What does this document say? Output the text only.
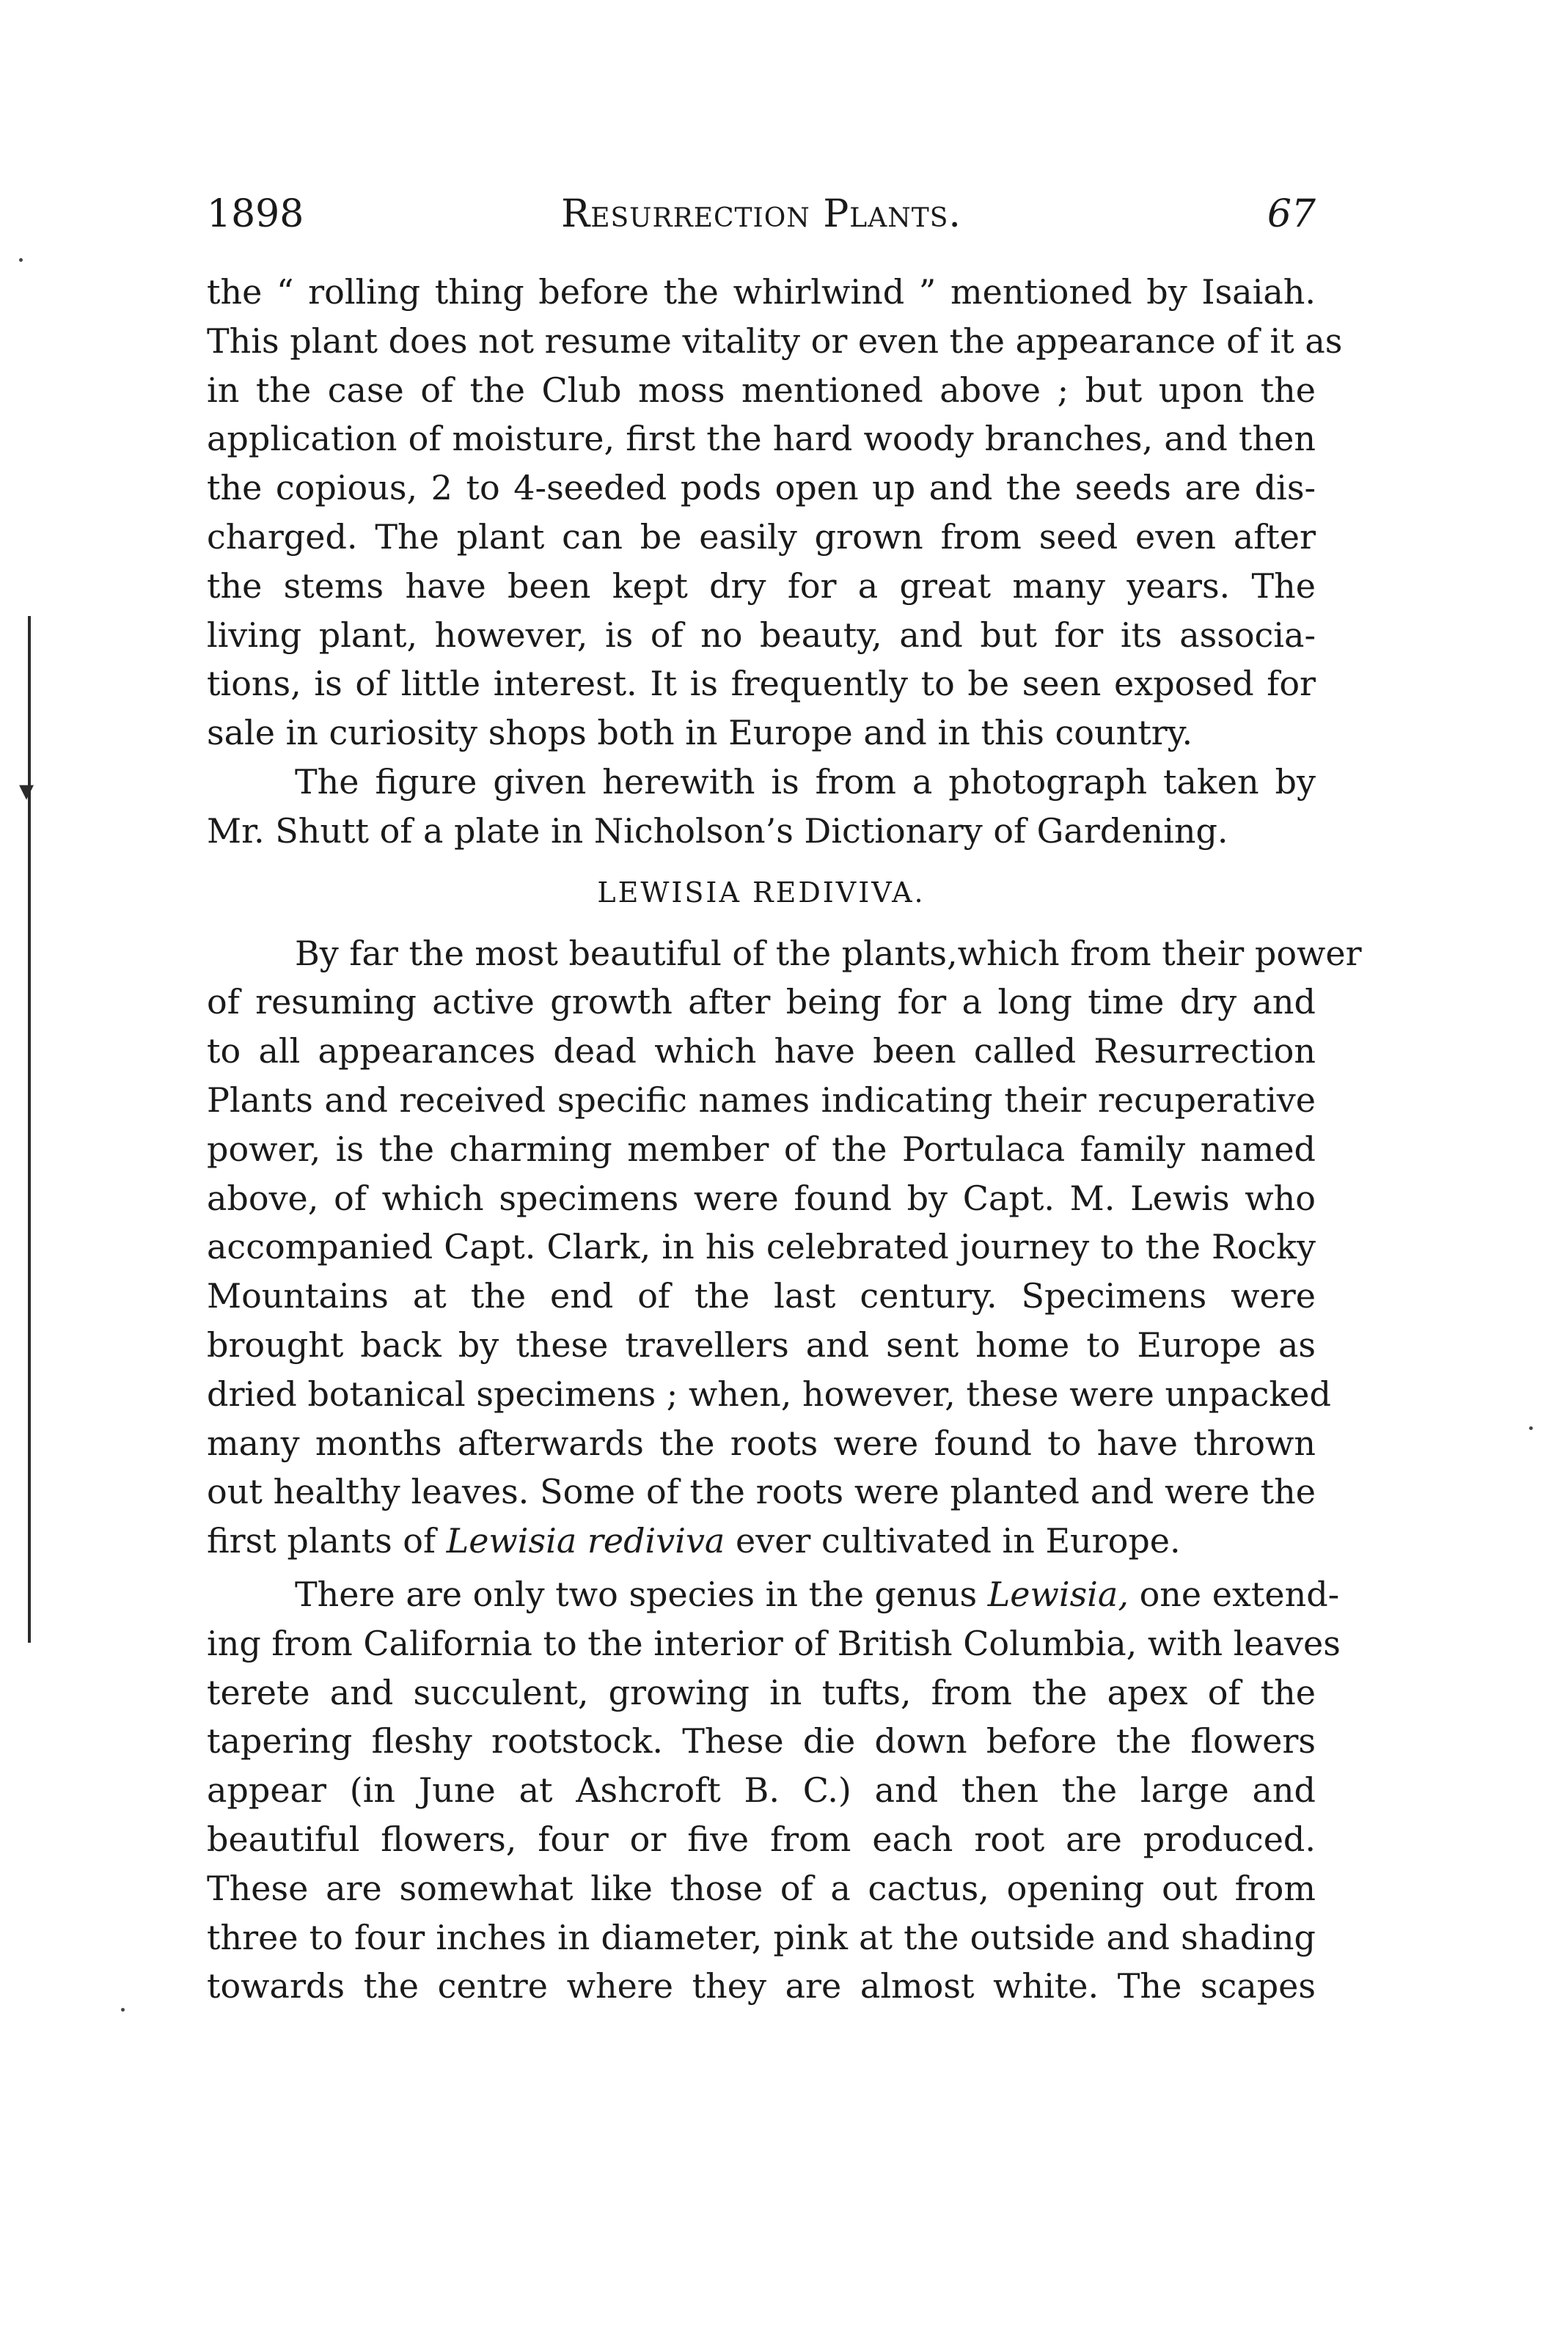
▾
1898	Resurrection Plants.	67
the “ rolling thing before the whirlwind ” mentioned by Isaiah.
This plant does not resume vitality or even the appearance of it as
in the case of the Club moss mentioned above ; but upon the
application of moisture, first the hard woody branches, and then
the copious, 2 to 4-seeded pods open up and the seeds are dis-
charged. The plant can be easily grown from seed even after
the stems have been kept dry for a great many years. The
living plant, however, is of no beauty, and but for its associa-
tions, is of little interest. It is frequently to be seen exposed for
sale in curiosity shops both in Europe and in this country.
The figure given herewith is from a photograph taken by
Mr. Shutt of a plate in Nicholson’s Dictionary of Gardening.
LEWISIA REDIVIVA.
By far the most beautiful of the plants,which from their power
of resuming active growth after being for a long time dry and
to all appearances dead which have been called Resurrection
Plants and received specific names indicating their recuperative
power, is the charming member of the Portulaca family named
above, of which specimens were found by Capt. M. Lewis who
accompanied Capt. Clark, in his celebrated journey to the Rocky
Mountains at the end of the last century. Specimens were
brought back by these travellers and sent home to Europe as
dried botanical specimens ; when, however, these were unpacked
many months afterwards the roots were found to have thrown
out healthy leaves. Some of the roots were planted and were the
first plants of Lewisia rediviva ever cultivated in Europe.
There are only two species in the genus Lewisia, one extend-
ing from California to the interior of British Columbia, with leaves
terete and succulent, growing in tufts, from the apex of the
tapering fleshy rootstock. These die down before the flowers
appear (in June at Ashcroft B. C.) and then the large and
beautiful flowers, four or five from each root are produced.
These are somewhat like those of a cactus, opening out from
three to four inches in diameter, pink at the outside and shading
towards the centre where they are almost white. The scapes
